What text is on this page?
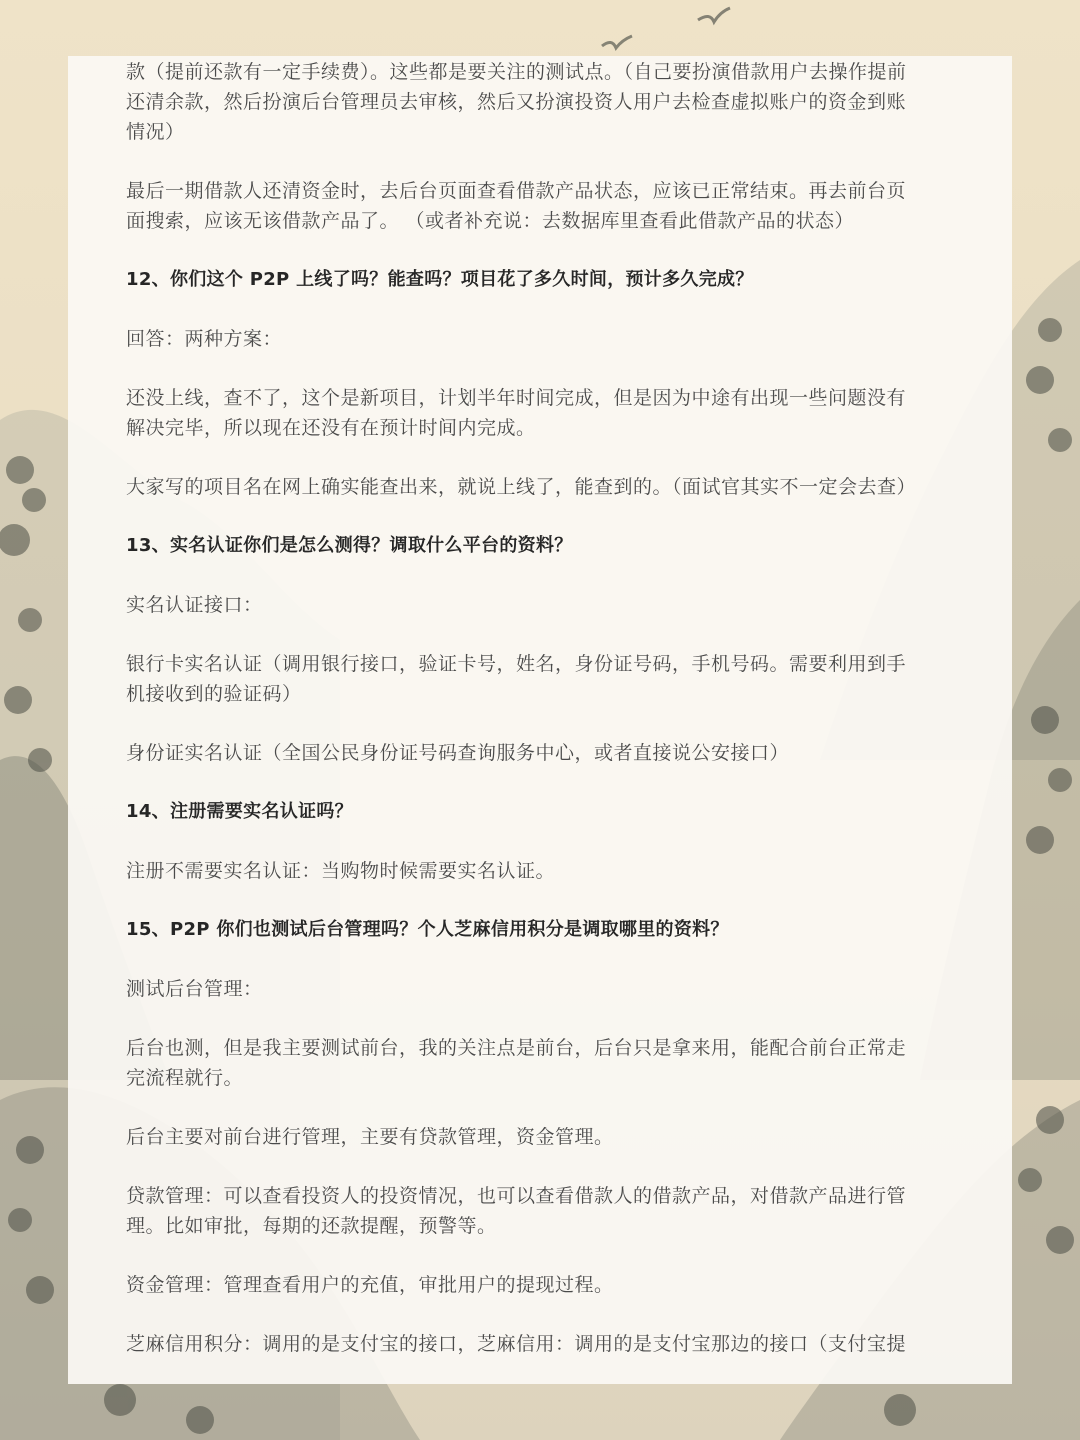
款（提前还款有一定手续费）。这些都是要关注的测试点。（自己要扮演借款用户去操作提前还清余款，然后扮演后台管理员去审核，然后又扮演投资人用户去检查虚拟账户的资金到账情况）

最后一期借款人还清资金时，去后台页面查看借款产品状态，应该已正常结束。再去前台页面搜索，应该无该借款产品了。 （或者补充说：去数据库里查看此借款产品的状态）

12、你们这个 P2P 上线了吗？能查吗？项目花了多久时间，预计多久完成？

回答：两种方案：

还没上线，查不了，这个是新项目，计划半年时间完成，但是因为中途有出现一些问题没有解决完毕，所以现在还没有在预计时间内完成。

大家写的项目名在网上确实能查出来，就说上线了，能查到的。（面试官其实不一定会去查）

13、实名认证你们是怎么测得？调取什么平台的资料？

实名认证接口：

银行卡实名认证（调用银行接口，验证卡号，姓名，身份证号码，手机号码。需要利用到手机接收到的验证码）

身份证实名认证（全国公民身份证号码查询服务中心，或者直接说公安接口）

14、注册需要实名认证吗？

注册不需要实名认证：当购物时候需要实名认证。

15、P2P 你们也测试后台管理吗？个人芝麻信用积分是调取哪里的资料？

测试后台管理：

后台也测，但是我主要测试前台，我的关注点是前台，后台只是拿来用，能配合前台正常走完流程就行。

后台主要对前台进行管理，主要有贷款管理，资金管理。

贷款管理：可以查看投资人的投资情况，也可以查看借款人的借款产品，对借款产品进行管理。比如审批，每期的还款提醒，预警等。

资金管理：管理查看用户的充值，审批用户的提现过程。

芝麻信用积分：调用的是支付宝的接口，芝麻信用：调用的是支付宝那边的接口（支付宝提
